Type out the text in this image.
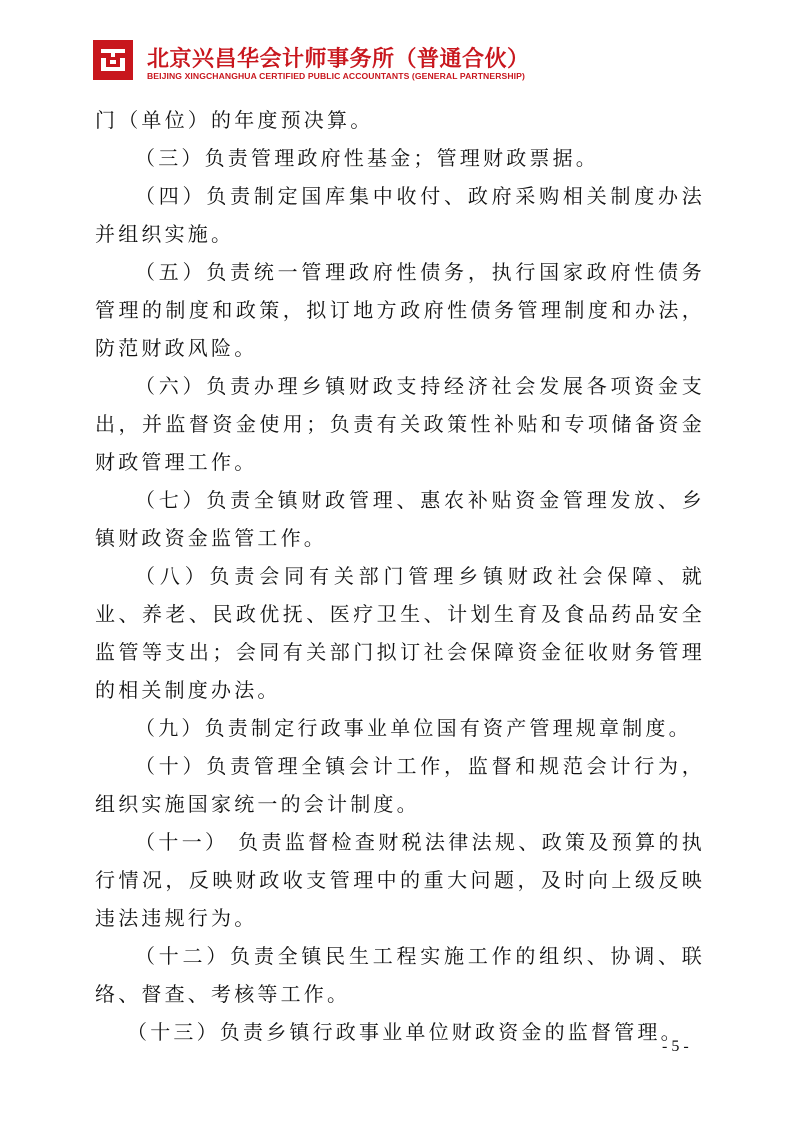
北京兴昌华会计师事务所（普通合伙）
BEIJING XINGCHANGHUA CERTIFIED PUBLIC ACCOUNTANTS (GENERAL PARTNERSHIP)

门（单位）的年度预决算。

（三）负责管理政府性基金；管理财政票据。

（四）负责制定国库集中收付、政府采购相关制度办法并组织实施。

（五）负责统一管理政府性债务，执行国家政府性债务管理的制度和政策，拟订地方政府性债务管理制度和办法，防范财政风险。

（六）负责办理乡镇财政支持经济社会发展各项资金支出，并监督资金使用；负责有关政策性补贴和专项储备资金财政管理工作。

（七）负责全镇财政管理、惠农补贴资金管理发放、乡镇财政资金监管工作。

（八）负责会同有关部门管理乡镇财政社会保障、就业、养老、民政优抚、医疗卫生、计划生育及食品药品安全监管等支出；会同有关部门拟订社会保障资金征收财务管理的相关制度办法。

（九）负责制定行政事业单位国有资产管理规章制度。

（十）负责管理全镇会计工作，监督和规范会计行为，组织实施国家统一的会计制度。

（十一） 负责监督检查财税法律法规、政策及预算的执行情况，反映财政收支管理中的重大问题，及时向上级反映违法违规行为。

（十二）负责全镇民生工程实施工作的组织、协调、联络、督查、考核等工作。

（十三）负责乡镇行政事业单位财政资金的监督管理。

- 5 -
